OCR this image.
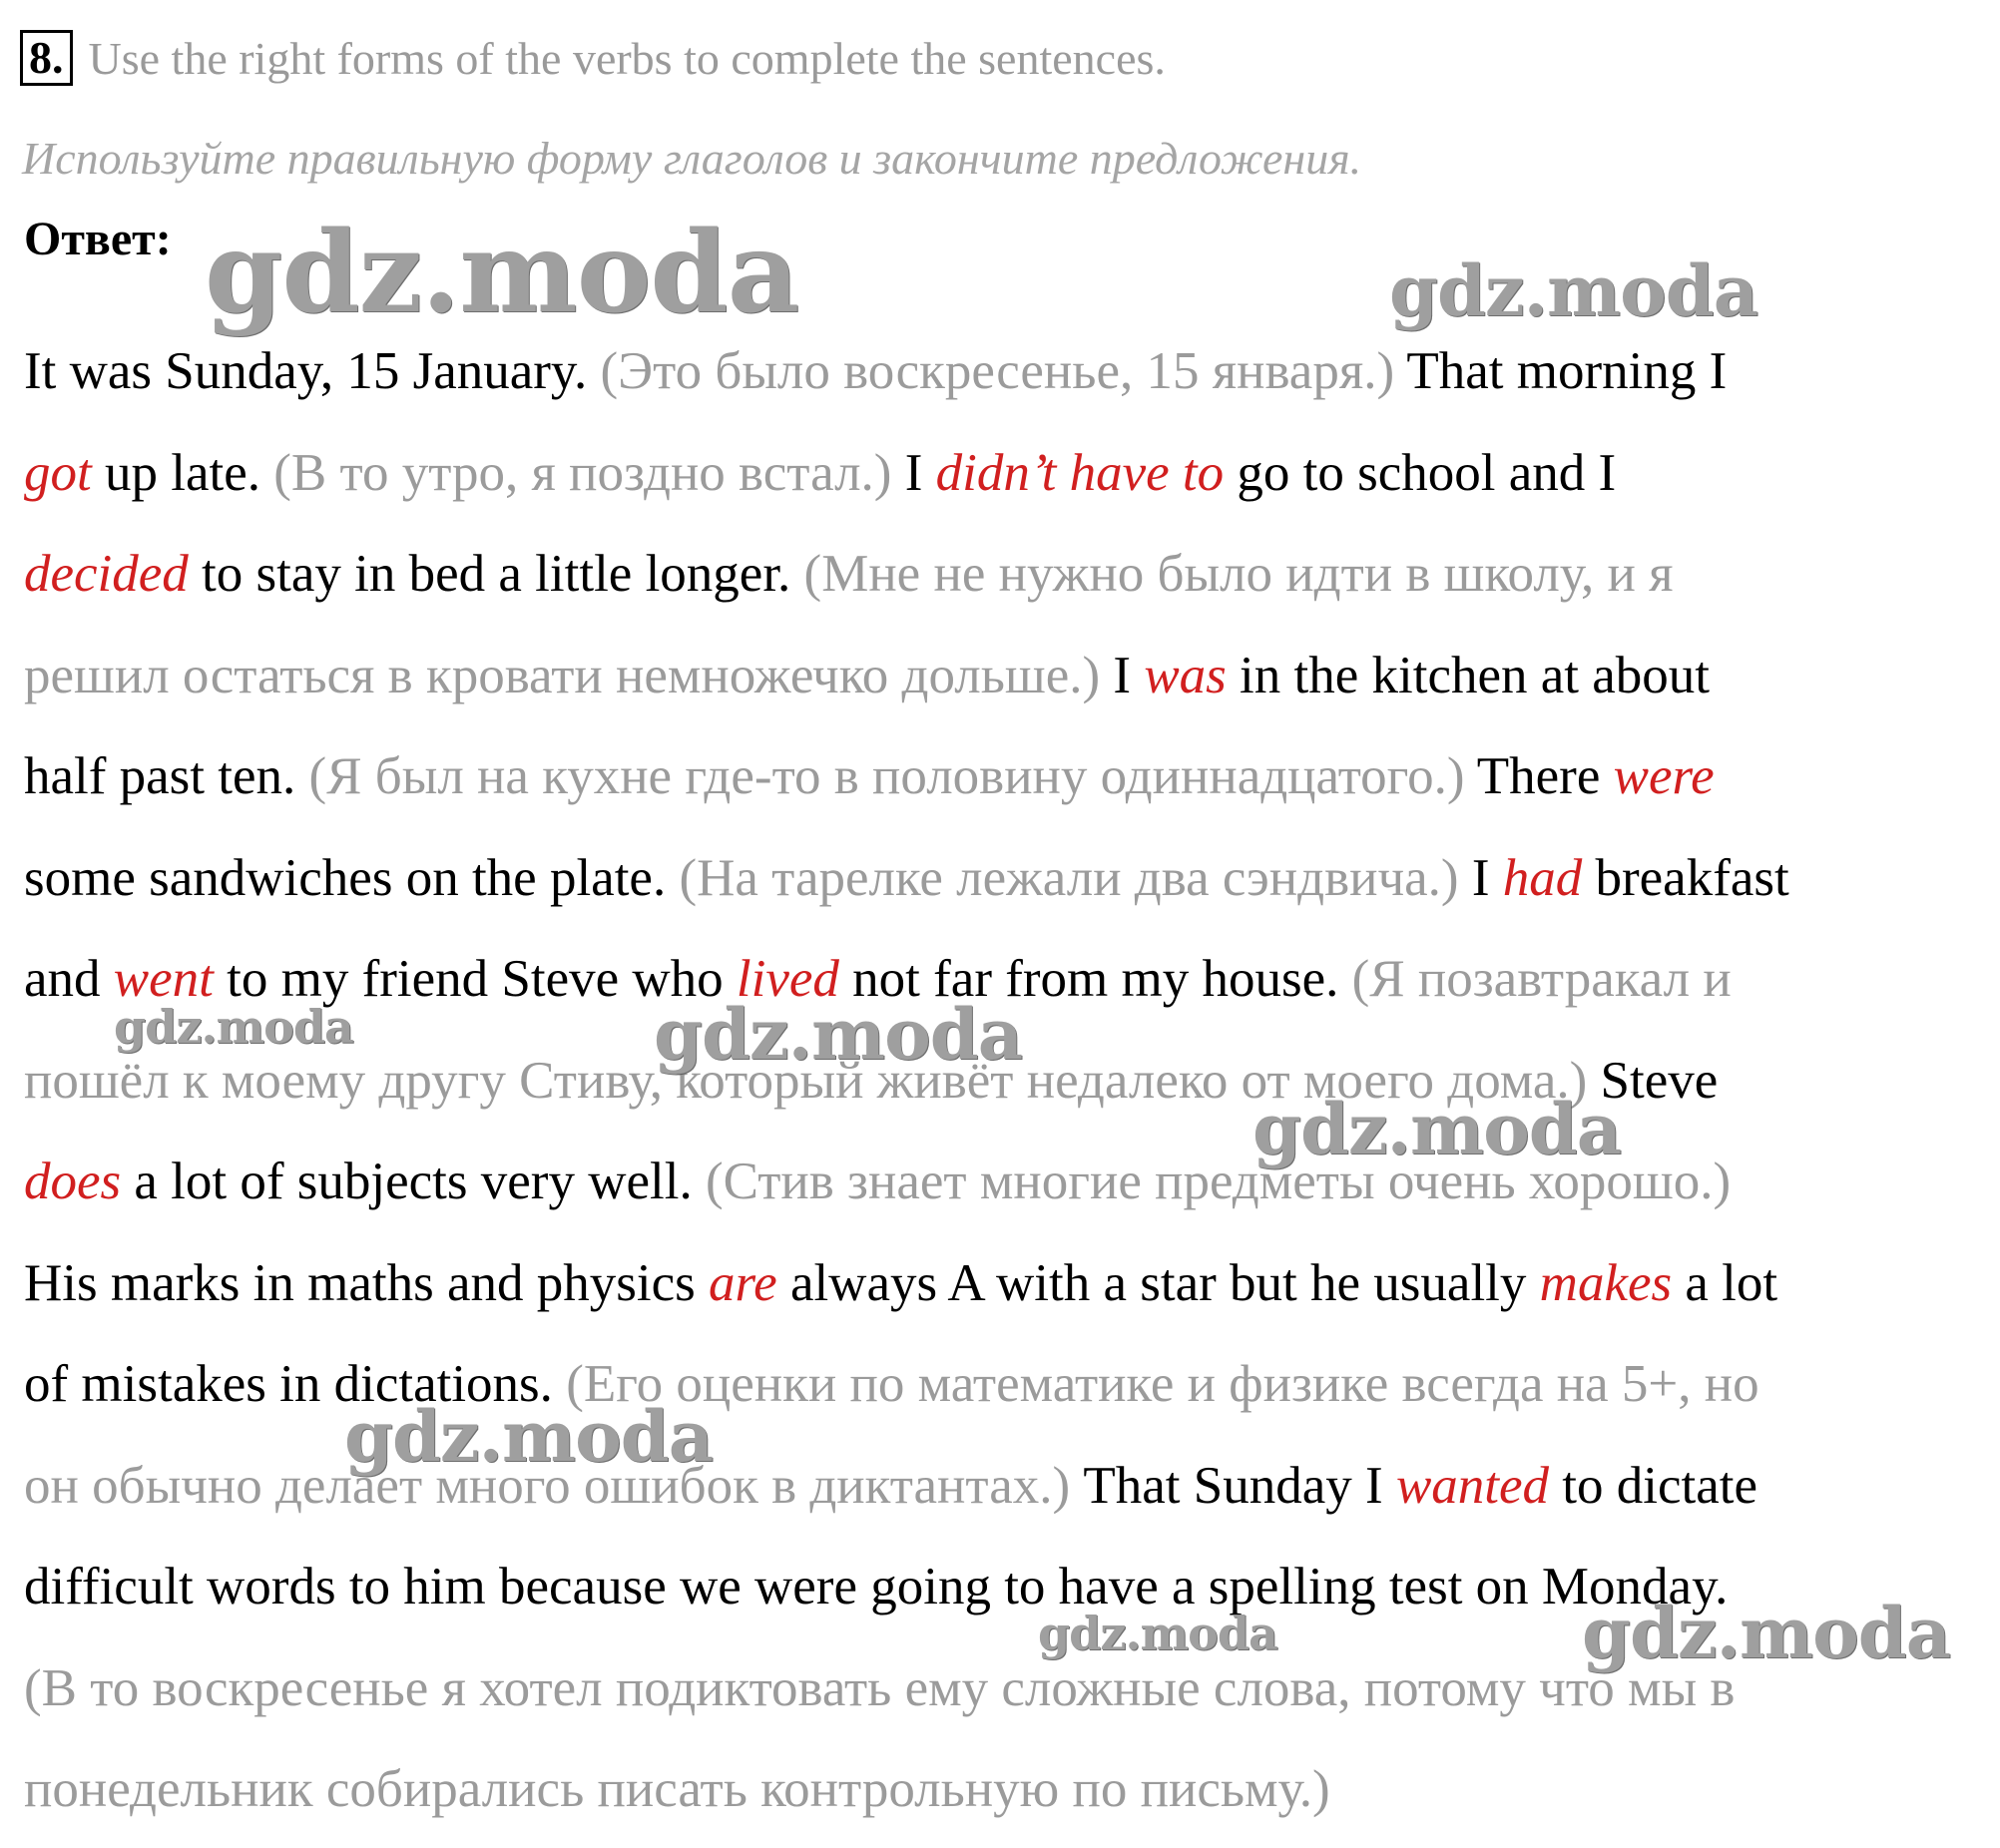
8. Use the right forms of the verbs to complete the sentences.
Используйте правильную форму глаголов и закончите предложения.
Ответ:
It was Sunday, 15 January. (Это было воскресенье, 15 января.) That morning I
got up late. (В то утро, я поздно встал.) I didn’t have to go to school and I
decided to stay in bed a little longer. (Мне не нужно было идти в школу, и я
решил остаться в кровати немножечко дольше.) I was in the kitchen at about
half past ten. (Я был на кухне где-то в половину одиннадцатого.) There were
some sandwiches on the plate. (На тарелке лежали два сэндвича.) I had breakfast
and went to my friend Steve who lived not far from my house. (Я позавтракал и
пошёл к моему другу Стиву, который живёт недалеко от моего дома.) Steve
does a lot of subjects very well. (Стив знает многие предметы очень хорошо.)
His marks in maths and physics are always A with a star but he usually makes a lot
of mistakes in dictations. (Его оценки по математике и физике всегда на 5+, но
он обычно делает много ошибок в диктантах.) That Sunday I wanted to dictate
difficult words to him because we were going to have a spelling test on Monday.
(В то воскресенье я хотел подиктовать ему сложные слова, потому что мы в
понедельник собирались писать контрольную по письму.)
gdz.moda	gdz.moda
gdz.moda	gdz.moda
gdz.moda
gdz.moda
gdz.moda	gdz.moda
